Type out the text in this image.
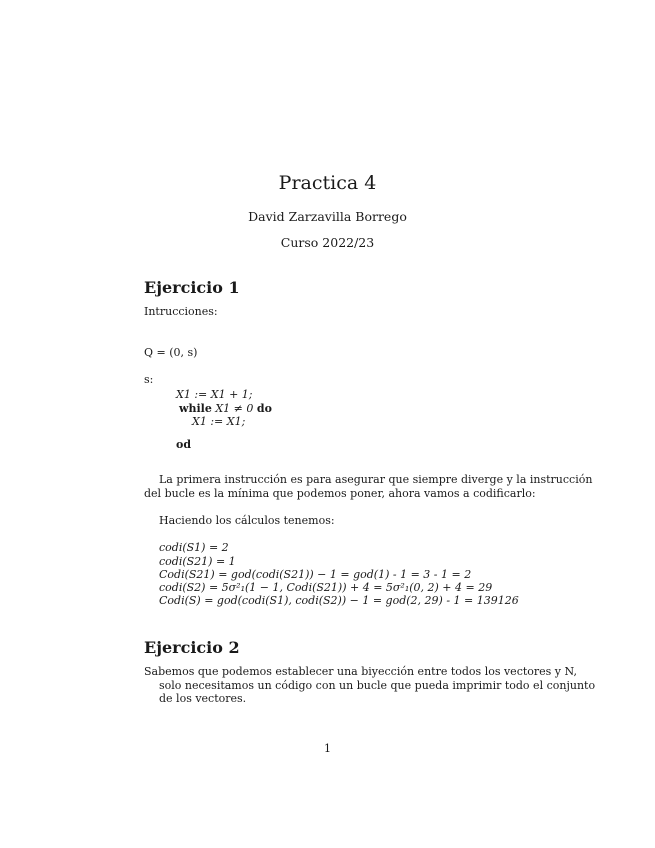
Practica 4
David Zarzavilla Borrego
Curso 2022/23
Ejercicio 1
Intrucciones:
Q = (0, s)
s:
X1 := X1 + 1;
while X1 ≠ 0 do
X1 := X1;
od
La primera instrucción es para asegurar que siempre diverge y la instrucción
del bucle es la mínima que podemos poner, ahora vamos a codificarlo:
Haciendo los cálculos tenemos:
codi(S1) = 2
codi(S21) = 1
Codi(S21) = god(codi(S21)) − 1 = god(1) - 1 = 3 - 1 = 2
codi(S2) = 5σ²₁(1 − 1, Codi(S21)) + 4 = 5σ²₁(0, 2) + 4 = 29
Codi(S) = god(codi(S1), codi(S2)) − 1 = god(2, 29) - 1 = 139126
Ejercicio 2
Sabemos que podemos establecer una biyección entre todos los vectores y N,
solo necesitamos un código con un bucle que pueda imprimir todo el conjunto
de los vectores.
1
